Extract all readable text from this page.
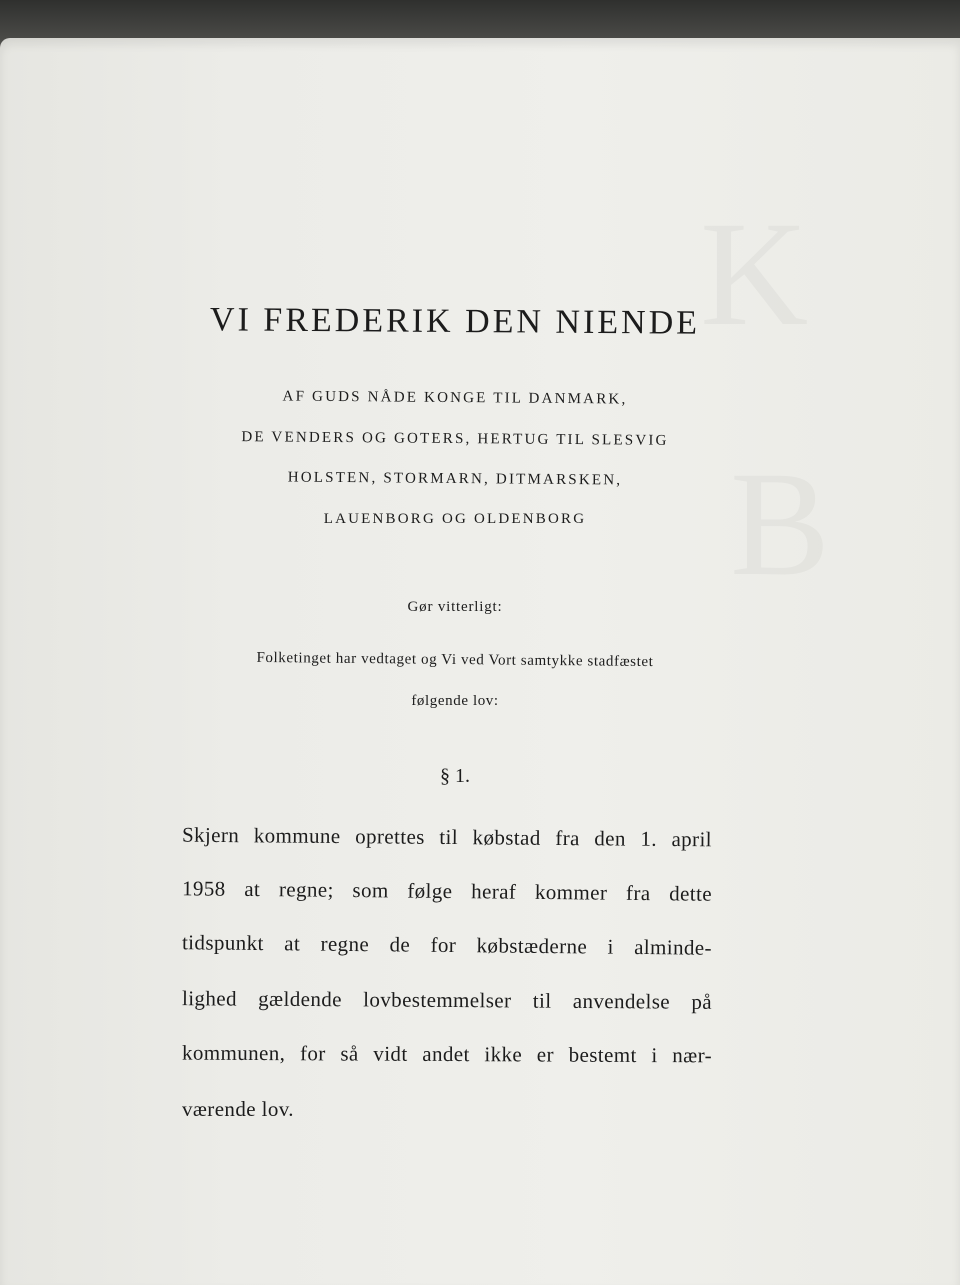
VI FREDERIK DEN NIENDE
AF GUDS NÅDE KONGE TIL DANMARK,
DE VENDERS OG GOTERS, HERTUG TIL SLESVIG
HOLSTEN, STORMARN, DITMARSKEN,
LAUENBORG OG OLDENBORG
Gør vitterligt:
Folketinget har vedtaget og Vi ved Vort samtykke stadfæstet
følgende lov:
§ 1.
Skjern kommune oprettes til købstad fra den 1. april
1958 at regne; som følge heraf kommer fra dette
tidspunkt at regne de for købstæderne i alminde-
lighed gældende lovbestemmelser til anvendelse på
kommunen, for så vidt andet ikke er bestemt i nær-
værende lov.
